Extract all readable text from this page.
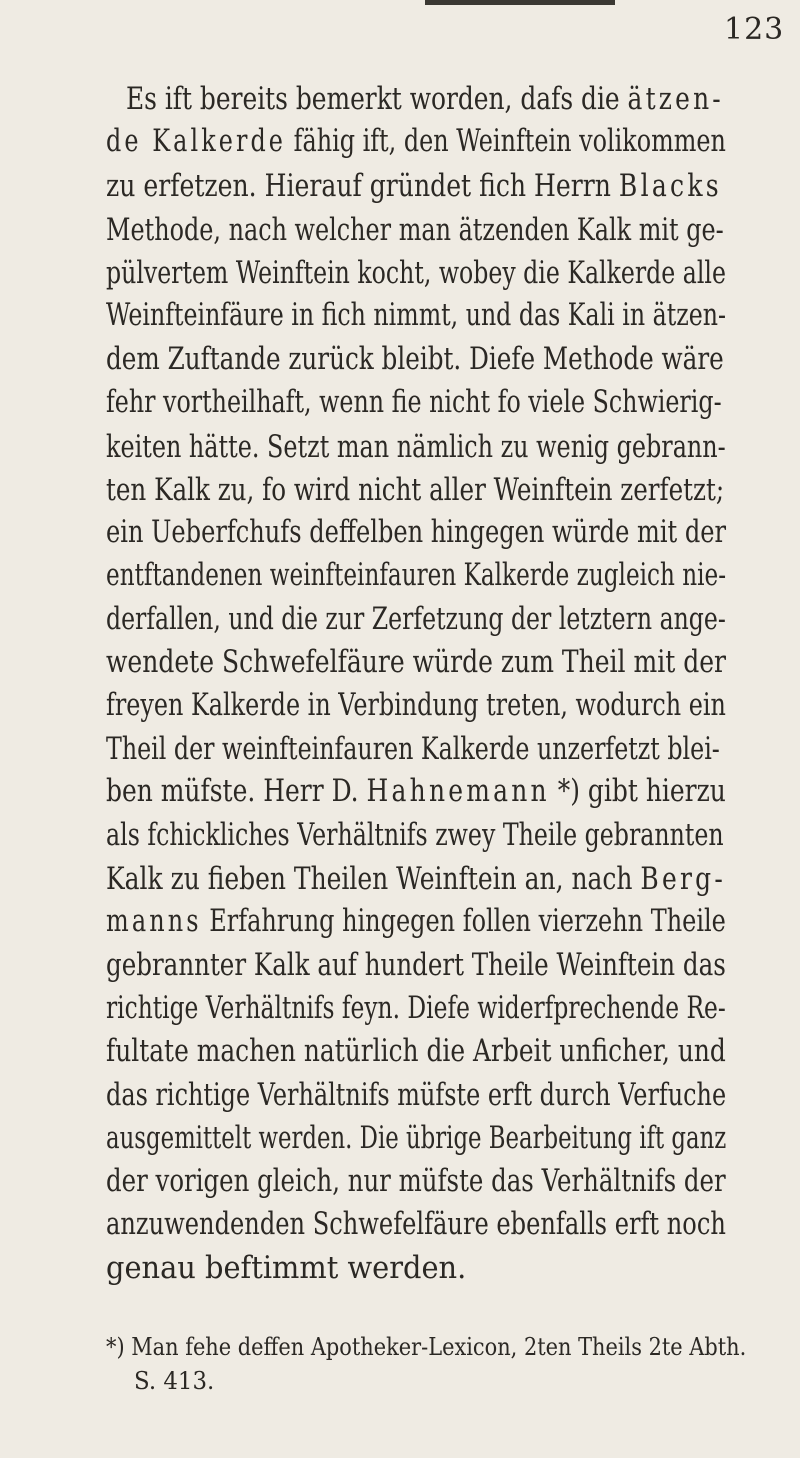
123
Es ift bereits bemerkt worden, dafs die ätzen-
de Kalkerde fähig ift, den Weinftein volikommen
zu erfetzen. Hierauf gründet fich Herrn Blacks
Methode, nach welcher man ätzenden Kalk mit ge-
pülvertem Weinftein kocht, wobey die Kalkerde alle
Weinfteinfäure in fich nimmt, und das Kali in ätzen-
dem Zuftande zurück bleibt. Diefe Methode wäre
fehr vortheilhaft, wenn fie nicht fo viele Schwierig-
keiten hätte. Setzt man nämlich zu wenig gebrann-
ten Kalk zu, fo wird nicht aller Weinftein zerfetzt;
ein Ueberfchufs deffelben hingegen würde mit der
entftandenen weinfteinfauren Kalkerde zugleich nie-
derfallen, und die zur Zerfetzung der letztern ange-
wendete Schwefelfäure würde zum Theil mit der
freyen Kalkerde in Verbindung treten, wodurch ein
Theil der weinfteinfauren Kalkerde unzerfetzt blei-
ben müfste. Herr D. Hahnemann *) gibt hierzu
als fchickliches Verhältnifs zwey Theile gebrannten
Kalk zu fieben Theilen Weinftein an, nach Berg-
manns Erfahrung hingegen follen vierzehn Theile
gebrannter Kalk auf hundert Theile Weinftein das
richtige Verhältnifs feyn. Diefe widerfprechende Re-
fultate machen natürlich die Arbeit unficher, und
das richtige Verhältnifs müfste erft durch Verfuche
ausgemittelt werden. Die übrige Bearbeitung ift ganz
der vorigen gleich, nur müfste das Verhältnifs der
anzuwendenden Schwefelfäure ebenfalls erft noch
genau beftimmt werden.
*) Man fehe deffen Apotheker-Lexicon, 2ten Theils 2te Abth.
S. 413.
